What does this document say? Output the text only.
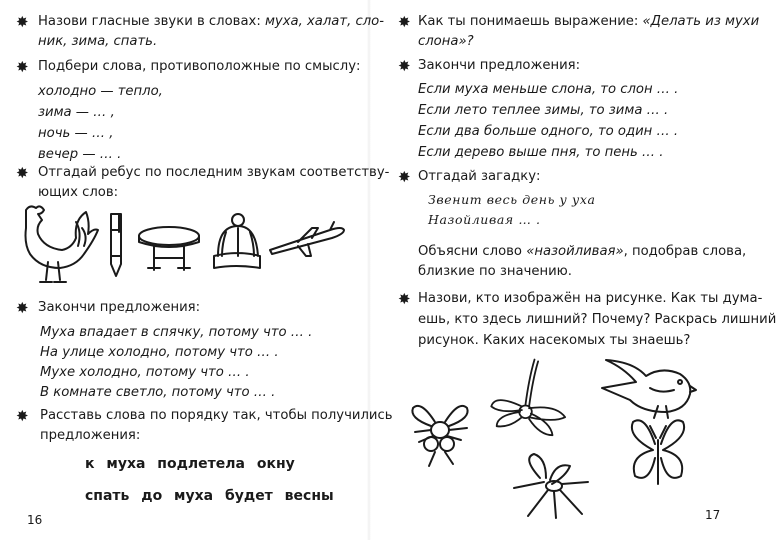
✸ Назови гласные звуки в словах: муха, халат, сло-
ник, зима, спать.
✸ Подбери слова, противоположные по смыслу:
холодно — тепло,
зима — … ,
ночь — … ,
вечер — … .
✸ Отгадай ребус по последним звукам соответству-
ющих слов:
✸ Закончи предложения:
Муха впадает в спячку, потому что … .
На улице холодно, потому что … .
Мухе холодно, потому что … .
В комнате светло, потому что … .
✸ Расставь слова по порядку так, чтобы получились
предложения:
к муха подлетела окну
спать до муха будет весны
16
✸ Как ты понимаешь выражение: «Делать из мухи
слона»?
✸ Закончи предложения:
Если муха меньше слона, то слон … .
Если лето теплее зимы, то зима … .
Если два больше одного, то один … .
Если дерево выше пня, то пень … .
✸ Отгадай загадку:
Звенит весь день у уха
Назойливая … .
Объясни слово «назойливая», подобрав слова,
близкие по значению.
✸ Назови, кто изображён на рисунке. Как ты дума-
ешь, кто здесь лишний? Почему? Раскрась лишний
рисунок. Каких насекомых ты знаешь?
17
